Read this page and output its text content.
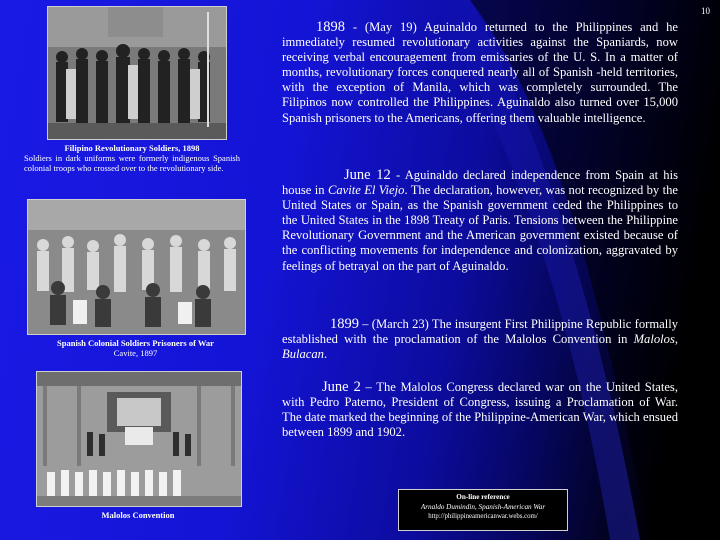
10
Filipino Revolutionary Soldiers, 1898
Soldiers in dark uniforms were formerly indigenous Spanish colonial troops who crossed over to the revolutionary side.
Spanish Colonial Soldiers Prisoners of War
Cavite, 1897
Malolos Convention
1898 - (May 19) Aguinaldo returned to the Philippines and he immediately resumed revolutionary activities against the Spaniards, now receiving verbal encouragement from emissaries of the U. S. In a matter of months, revolutionary forces conquered nearly all of Spanish -held territories, with the exception of Manila, which was completely surrounded. The Filipinos now controlled the Philippines. Aguinaldo also turned over 15,000 Spanish prisoners to the Americans, offering them valuable intelligence.
June 12 - Aguinaldo declared independence from Spain at his house in Cavite El Viejo. The declaration, however, was not recognized by the United States or Spain, as the Spanish government ceded the Philippines to the United States in the 1898 Treaty of Paris. Tensions between the Philippine Revolutionary Government and the American government existed because of the conflicting movements for independence and colonization, aggravated by feelings of betrayal on the part of Aguinaldo.
1899 – (March 23) The insurgent First Philippine Republic formally established with the proclamation of the Malolos Convention in Malolos, Bulacan.
June 2 – The Malolos Congress declared war on the United States, with Pedro Paterno, President of Congress, issuing a Proclamation of War. The date marked the beginning of the Philippine-American War, which ensued between 1899 and 1902.
On-line reference
Arnaldo Dumindin, Spanish-American War
http://philippineamericanwar.webs.com/
